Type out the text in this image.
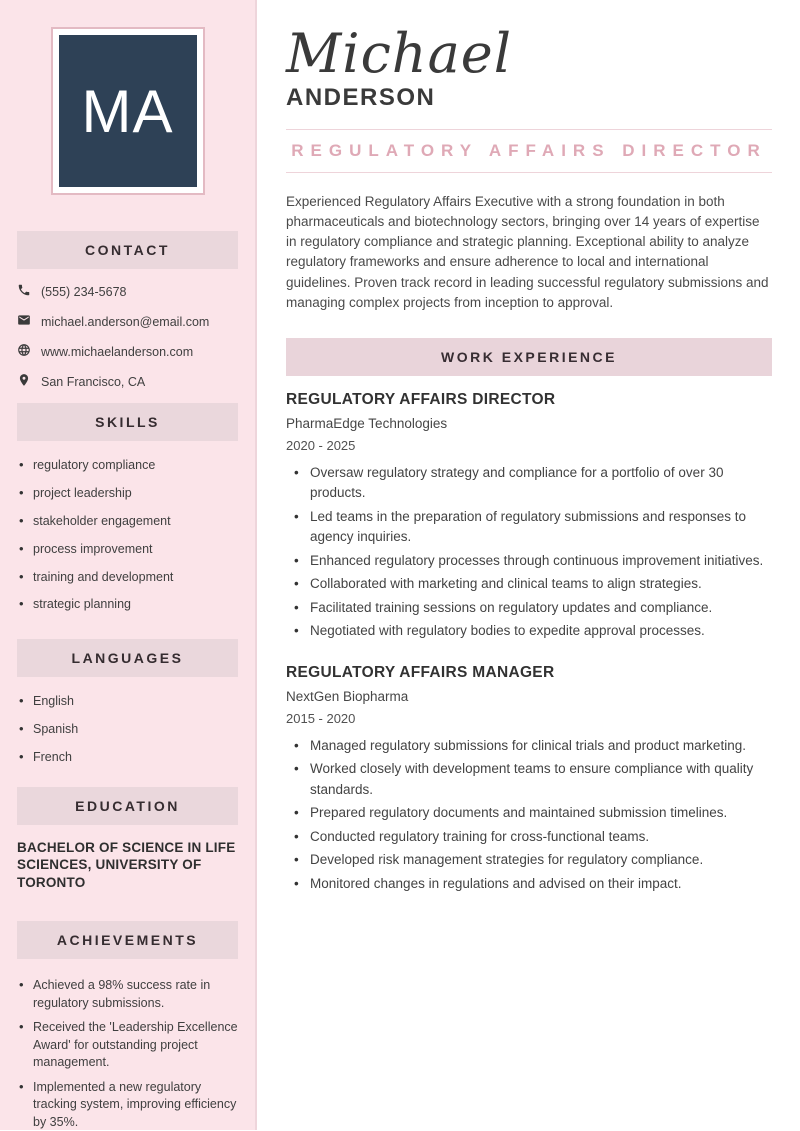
MA
CONTACT
(555) 234-5678
michael.anderson@email.com
www.michaelanderson.com
San Francisco, CA
SKILLS
• regulatory compliance
• project leadership
• stakeholder engagement
• process improvement
• training and development
• strategic planning
LANGUAGES
• English
• Spanish
• French
EDUCATION
BACHELOR OF SCIENCE IN LIFE SCIENCES, UNIVERSITY OF TORONTO
ACHIEVEMENTS
• Achieved a 98% success rate in regulatory submissions.
• Received the 'Leadership Excellence Award' for outstanding project management.
• Implemented a new regulatory tracking system, improving efficiency by 35%.
Michael
ANDERSON
REGULATORY AFFAIRS DIRECTOR

Experienced Regulatory Affairs Executive with a strong foundation in both pharmaceuticals and biotechnology sectors, bringing over 14 years of expertise in regulatory compliance and strategic planning. Exceptional ability to analyze regulatory frameworks and ensure adherence to local and international guidelines. Proven track record in leading successful regulatory submissions and managing complex projects from inception to approval.

WORK EXPERIENCE
REGULATORY AFFAIRS DIRECTOR
PharmaEdge Technologies
2020 - 2025
• Oversaw regulatory strategy and compliance for a portfolio of over 30 products.
• Led teams in the preparation of regulatory submissions and responses to agency inquiries.
• Enhanced regulatory processes through continuous improvement initiatives.
• Collaborated with marketing and clinical teams to align strategies.
• Facilitated training sessions on regulatory updates and compliance.
• Negotiated with regulatory bodies to expedite approval processes.
REGULATORY AFFAIRS MANAGER
NextGen Biopharma
2015 - 2020
• Managed regulatory submissions for clinical trials and product marketing.
• Worked closely with development teams to ensure compliance with quality standards.
• Prepared regulatory documents and maintained submission timelines.
• Conducted regulatory training for cross-functional teams.
• Developed risk management strategies for regulatory compliance.
• Monitored changes in regulations and advised on their impact.
